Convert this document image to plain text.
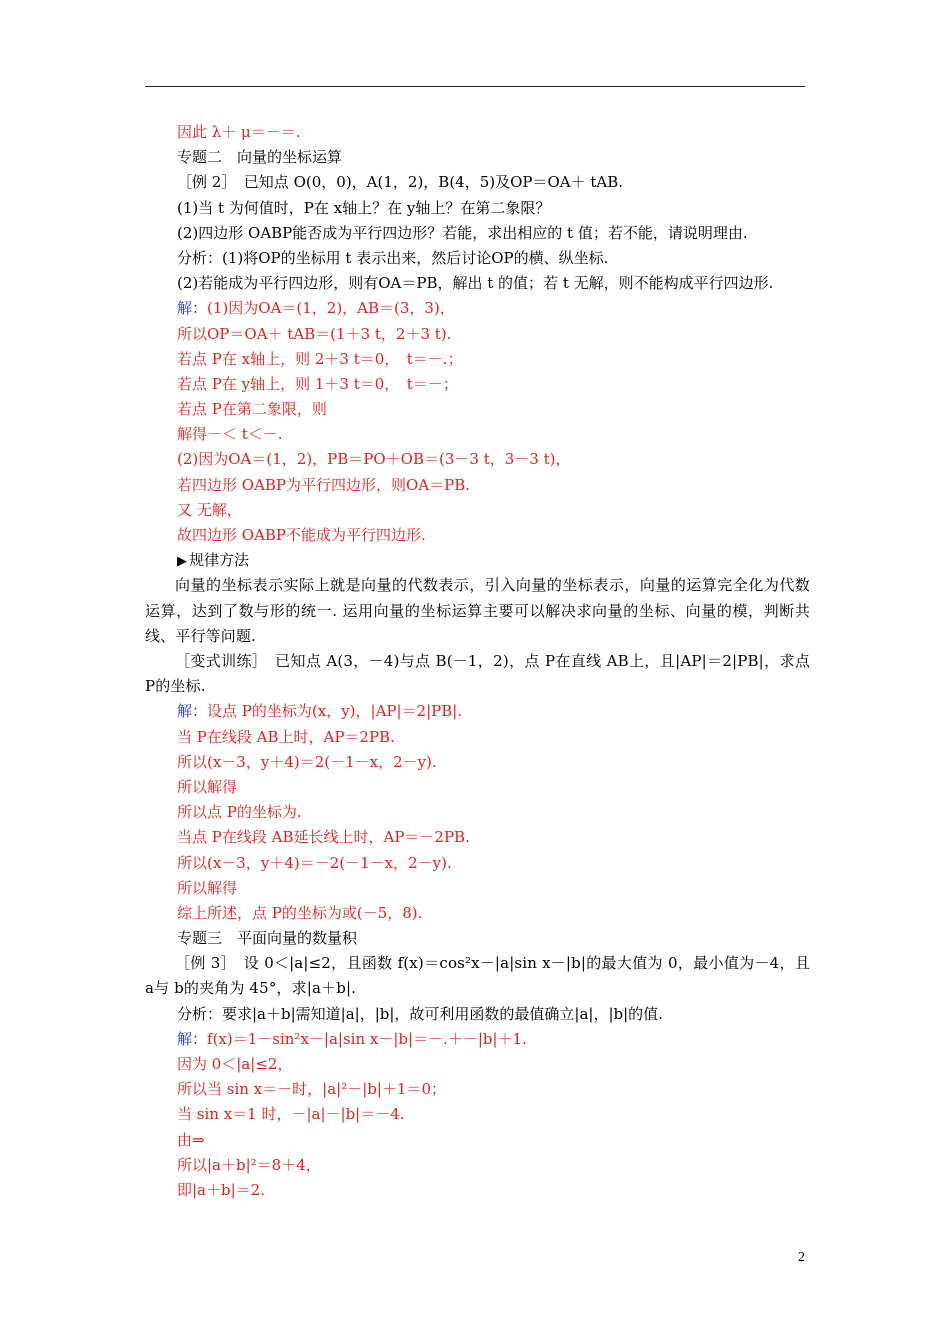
因此 λ＋ μ＝－＝.
专题二　向量的坐标运算
［例 2］　已知点 O(0，0)，A(1，2)，B(4，5)及OP＝OA＋ tAB.
(1)当 t 为何值时，P在 x轴上？在 y轴上？在第二象限？
(2)四边形 OABP能否成为平行四边形？若能，求出相应的 t 值；若不能，请说明理由.
分析：(1)将OP的坐标用 t 表示出来，然后讨论OP的横、纵坐标.
(2)若能成为平行四边形，则有OA＝PB，解出 t 的值；若 t 无解，则不能构成平行四边形.
解：(1)因为OA＝(1，2)，AB＝(3，3)，
所以OP＝OA＋ tAB＝(1＋3 t，2＋3 t).
若点 P在 x轴上，则 2＋3 t＝0，　t＝－.；
若点 P在 y轴上，则 1＋3 t＝0，　t＝－；
若点 P在第二象限，则
解得－＜ t＜－.
(2)因为OA＝(1，2)，PB＝PO＋OB＝(3－3 t，3－3 t)，
若四边形 OABP为平行四边形，则OA＝PB.
又 无解，
故四边形 OABP不能成为平行四边形.
▶ 规律方法
向量的坐标表示实际上就是向量的代数表示，引入向量的坐标表示，向量的运算完全化为代数运算，达到了数与形的统一. 运用向量的坐标运算主要可以解决求向量的坐标、向量的模，判断共线、平行等问题.
［变式训练］　已知点 A(3，－4)与点 B(－1，2)，点 P在直线 AB上，且|AP|＝2|PB|，求点 P的坐标.
解：设点 P的坐标为(x，y)，|AP|＝2|PB|.
当 P在线段 AB上时，AP＝2PB.
所以(x－3，y＋4)＝2(－1－x，2－y).
所以解得
所以点 P的坐标为.
当点 P在线段 AB延长线上时，AP＝－2PB.
所以(x－3，y＋4)＝－2(－1－x，2－y).
所以解得
综上所述，点 P的坐标为或(－5，8).
专题三　平面向量的数量积
［例 3］　设 0＜|a|≤2，且函数 f(x)＝cos²x－|a|sin x－|b|的最大值为 0，最小值为－4，且 a与 b的夹角为 45°，求|a＋b|.
分析：要求|a＋b|需知道|a|，|b|，故可利用函数的最值确立|a|，|b|的值.
解：f(x)＝1－sin²x－|a|sin x－|b|＝－.＋－|b|＋1.
因为 0＜|a|≤2，
所以当 sin x＝－时，|a|²－|b|＋1＝0；
当 sin x＝1 时，－|a|－|b|＝－4.
由⇒
所以|a＋b|²＝8＋4，
即|a＋b|＝2.
2
